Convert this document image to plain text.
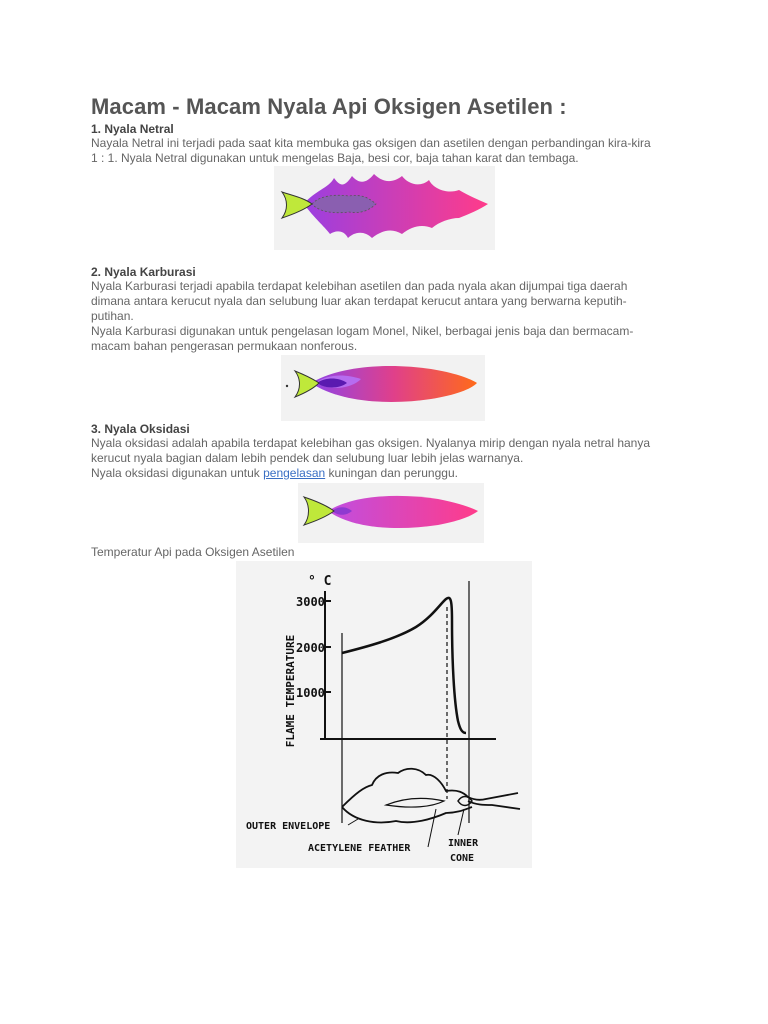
Macam - Macam Nyala Api Oksigen Asetilen :
1. Nyala Netral

Nayala Netral ini terjadi pada saat kita membuka gas oksigen dan asetilen dengan perbandingan kira-kira
1 : 1. Nyala Netral digunakan untuk mengelas Baja, besi cor, baja tahan karat dan tembaga.

2. Nyala Karburasi

Nyala Karburasi terjadi apabila terdapat kelebihan asetilen dan pada nyala akan dijumpai tiga daerah
dimana antara kerucut nyala dan selubung luar akan terdapat kerucut antara yang berwarna keputih-
putihan.
Nyala Karburasi digunakan untuk pengelasan logam Monel, Nikel, berbagai jenis baja dan bermacam-
macam bahan pengerasan permukaan nonferous.

3. Nyala Oksidasi

Nyala oksidasi adalah apabila terdapat kelebihan gas oksigen. Nyalanya mirip dengan nyala netral hanya
kerucut nyala bagian dalam lebih pendek dan selubung luar lebih jelas warnanya.
Nyala oksidasi digunakan untuk pengelasan kuningan dan perunggu.

Temperatur Api pada Oksigen Asetilen

° C
FLAME TEMPERATURE
3000
2000
1000
OUTER ENVELOPE
ACETYLENE FEATHER	INNER
CONE
